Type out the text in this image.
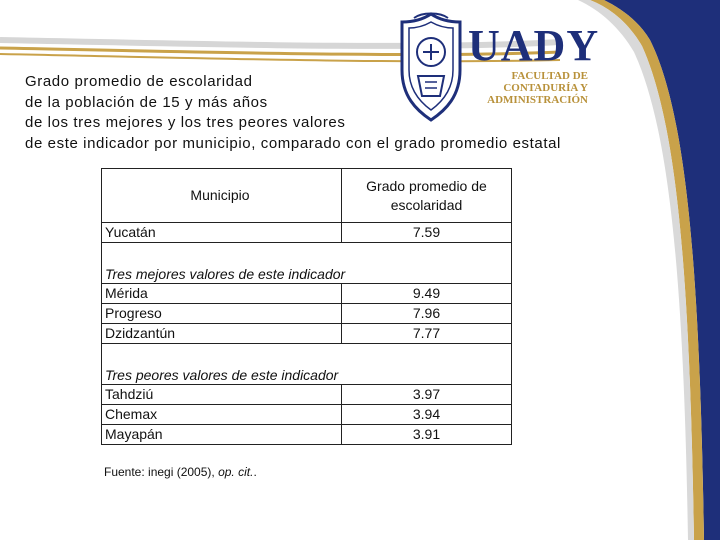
UADY
FACULTAD DE
CONTADURÍA Y
ADMINISTRACIÓN
Grado promedio de escolaridad
de la población de 15 y más años
de los tres mejores y los tres peores valores
de este indicador por municipio, comparado con el grado promedio estatal
Municipio	Grado promedio de escolaridad
Yucatán	7.59

Tres mejores valores de este indicador	
Mérida	9.49
Progreso	7.96
Dzidzantún	7.77

Tres peores valores de este indicador	
Tahdziú	3.97
Chemax	3.94
Mayapán	3.91
Fuente: inegi (2005), op. cit..
